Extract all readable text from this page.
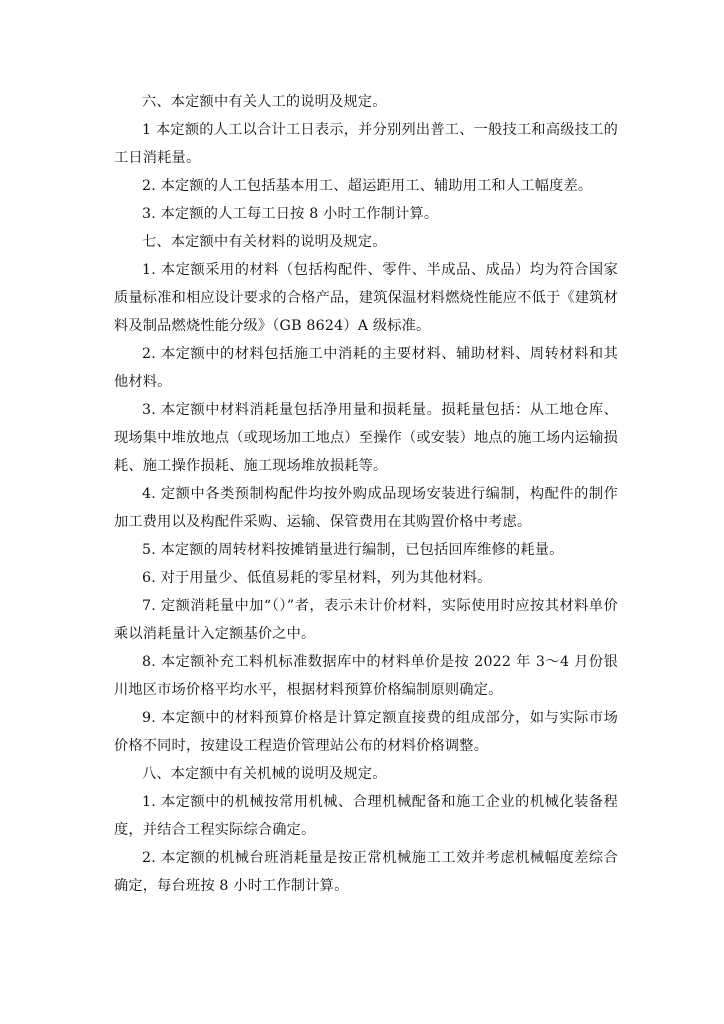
六、本定额中有关人工的说明及规定。

1 本定额的人工以合计工日表示，并分别列出普工、一般技工和高级技工的工日消耗量。

2. 本定额的人工包括基本用工、超运距用工、辅助用工和人工幅度差。

3. 本定额的人工每工日按 8 小时工作制计算。

七、本定额中有关材料的说明及规定。

1. 本定额采用的材料（包括构配件、零件、半成品、成品）均为符合国家质量标准和相应设计要求的合格产品，建筑保温材料燃烧性能应不低于《建筑材料及制品燃烧性能分级》（GB 8624）A 级标准。

2. 本定额中的材料包括施工中消耗的主要材料、辅助材料、周转材料和其他材料。

3. 本定额中材料消耗量包括净用量和损耗量。损耗量包括：从工地仓库、现场集中堆放地点（或现场加工地点）至操作（或安装）地点的施工场内运输损耗、施工操作损耗、施工现场堆放损耗等。

4. 定额中各类预制构配件均按外购成品现场安装进行编制，构配件的制作加工费用以及构配件采购、运输、保管费用在其购置价格中考虑。

5. 本定额的周转材料按摊销量进行编制，已包括回库维修的耗量。

6. 对于用量少、低值易耗的零星材料，列为其他材料。

7. 定额消耗量中加“（）”者，表示未计价材料，实际使用时应按其材料单价乘以消耗量计入定额基价之中。

8. 本定额补充工料机标准数据库中的材料单价是按 2022 年 3～4 月份银川地区市场价格平均水平，根据材料预算价格编制原则确定。

9. 本定额中的材料预算价格是计算定额直接费的组成部分，如与实际市场价格不同时，按建设工程造价管理站公布的材料价格调整。

八、本定额中有关机械的说明及规定。

1. 本定额中的机械按常用机械、合理机械配备和施工企业的机械化装备程度，并结合工程实际综合确定。

2. 本定额的机械台班消耗量是按正常机械施工工效并考虑机械幅度差综合确定，每台班按 8 小时工作制计算。
